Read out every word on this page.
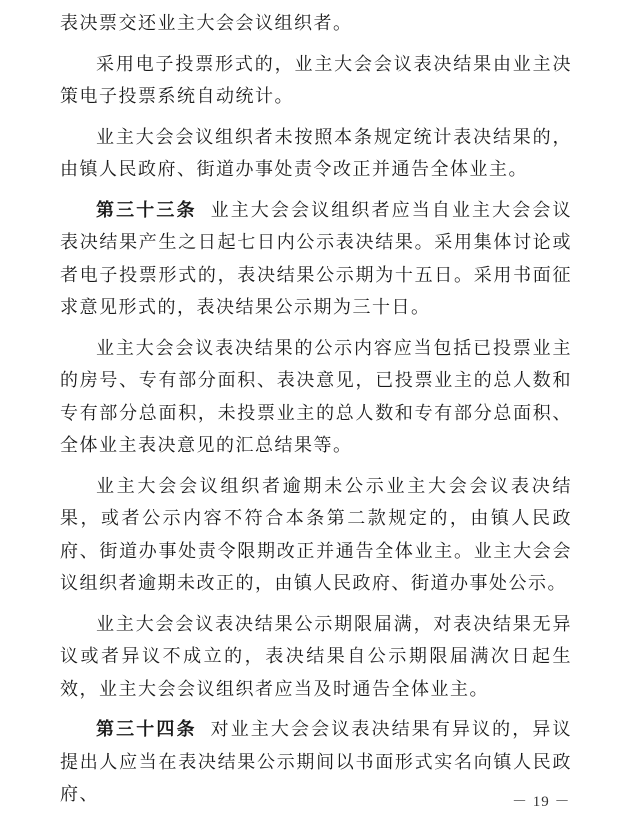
表决票交还业主大会会议组织者。

采用电子投票形式的，业主大会会议表决结果由业主决策电子投票系统自动统计。

业主大会会议组织者未按照本条规定统计表决结果的，由镇人民政府、街道办事处责令改正并通告全体业主。

第三十三条 业主大会会议组织者应当自业主大会会议表决结果产生之日起七日内公示表决结果。采用集体讨论或者电子投票形式的，表决结果公示期为十五日。采用书面征求意见形式的，表决结果公示期为三十日。

业主大会会议表决结果的公示内容应当包括已投票业主的房号、专有部分面积、表决意见，已投票业主的总人数和专有部分总面积，未投票业主的总人数和专有部分总面积、全体业主表决意见的汇总结果等。

业主大会会议组织者逾期未公示业主大会会议表决结果，或者公示内容不符合本条第二款规定的，由镇人民政府、街道办事处责令限期改正并通告全体业主。业主大会会议组织者逾期未改正的，由镇人民政府、街道办事处公示。

业主大会会议表决结果公示期限届满，对表决结果无异议或者异议不成立的，表决结果自公示期限届满次日起生效，业主大会会议组织者应当及时通告全体业主。

第三十四条 对业主大会会议表决结果有异议的，异议提出人应当在表决结果公示期间以书面形式实名向镇人民政府、	－ 19 －
